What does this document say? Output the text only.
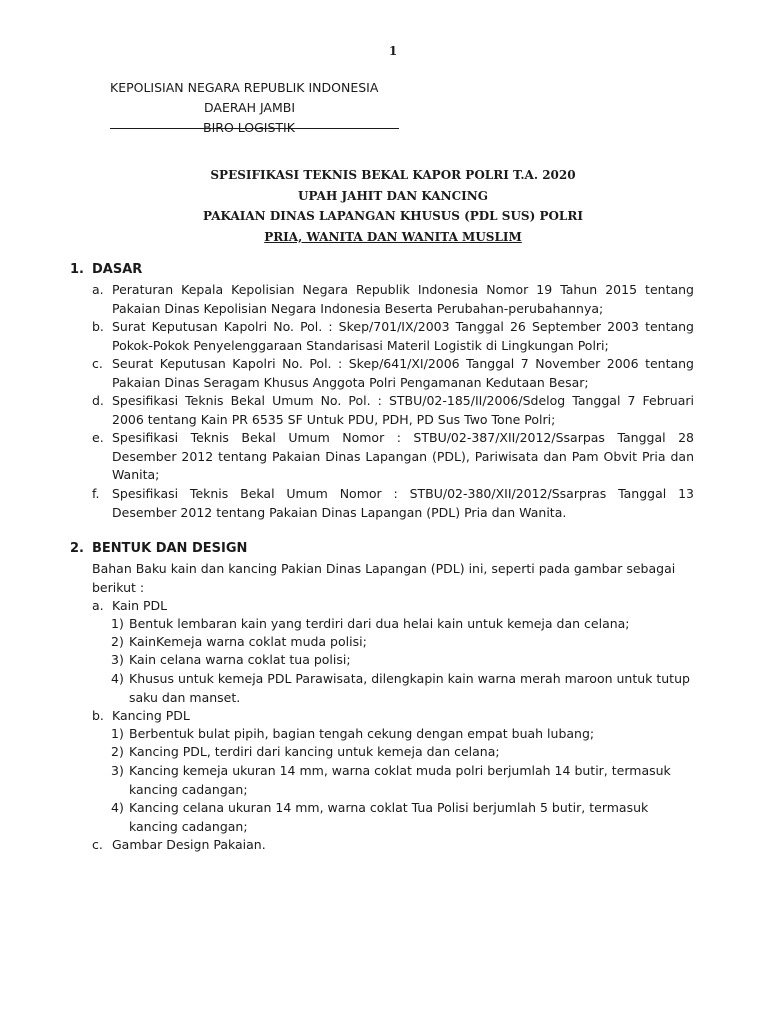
1
KEPOLISIAN NEGARA REPUBLIK INDONESIA
DAERAH JAMBI
BIRO LOGISTIK
SPESIFIKASI TEKNIS BEKAL KAPOR POLRI T.A. 2020
UPAH JAHIT DAN KANCING
PAKAIAN DINAS LAPANGAN KHUSUS (PDL SUS) POLRI
PRIA, WANITA DAN WANITA MUSLIM
1. DASAR
a. Peraturan Kepala Kepolisian Negara Republik Indonesia Nomor 19 Tahun 2015 tentang Pakaian Dinas Kepolisian Negara Indonesia Beserta Perubahan-perubahannya;
b. Surat Keputusan Kapolri No. Pol. : Skep/701/IX/2003 Tanggal 26 September 2003 tentang Pokok-Pokok Penyelenggaraan Standarisasi Materil Logistik di Lingkungan Polri;
c. Seurat Keputusan Kapolri No. Pol. : Skep/641/XI/2006 Tanggal 7 November 2006 tentang Pakaian Dinas Seragam Khusus Anggota Polri Pengamanan Kedutaan Besar;
d. Spesifikasi Teknis Bekal Umum No. Pol. : STBU/02-185/II/2006/Sdelog Tanggal 7 Februari 2006 tentang Kain PR 6535 SF Untuk PDU, PDH, PD Sus Two Tone Polri;
e. Spesifikasi Teknis Bekal Umum Nomor : STBU/02-387/XII/2012/Ssarpas Tanggal 28 Desember 2012 tentang Pakaian Dinas Lapangan (PDL), Pariwisata dan Pam Obvit Pria dan Wanita;
f. Spesifikasi Teknis Bekal Umum Nomor : STBU/02-380/XII/2012/Ssarpras Tanggal 13 Desember 2012 tentang Pakaian Dinas Lapangan (PDL) Pria dan Wanita.
2. BENTUK DAN DESIGN
Bahan Baku kain dan kancing Pakian Dinas Lapangan (PDL) ini, seperti pada gambar sebagai berikut :
a. Kain PDL
1) Bentuk lembaran kain yang terdiri dari dua helai kain untuk kemeja dan celana;
2) KainKemeja warna coklat muda polisi;
3) Kain celana warna coklat tua polisi;
4) Khusus untuk kemeja PDL Parawisata, dilengkapin kain warna merah maroon untuk tutup saku dan manset.
b. Kancing PDL
1) Berbentuk bulat pipih, bagian tengah cekung dengan empat buah lubang;
2) Kancing PDL, terdiri dari kancing untuk kemeja dan celana;
3) Kancing kemeja ukuran 14 mm, warna coklat muda polri berjumlah 14 butir, termasuk kancing cadangan;
4) Kancing celana ukuran 14 mm, warna coklat Tua Polisi berjumlah 5 butir, termasuk kancing cadangan;
c. Gambar Design Pakaian.
